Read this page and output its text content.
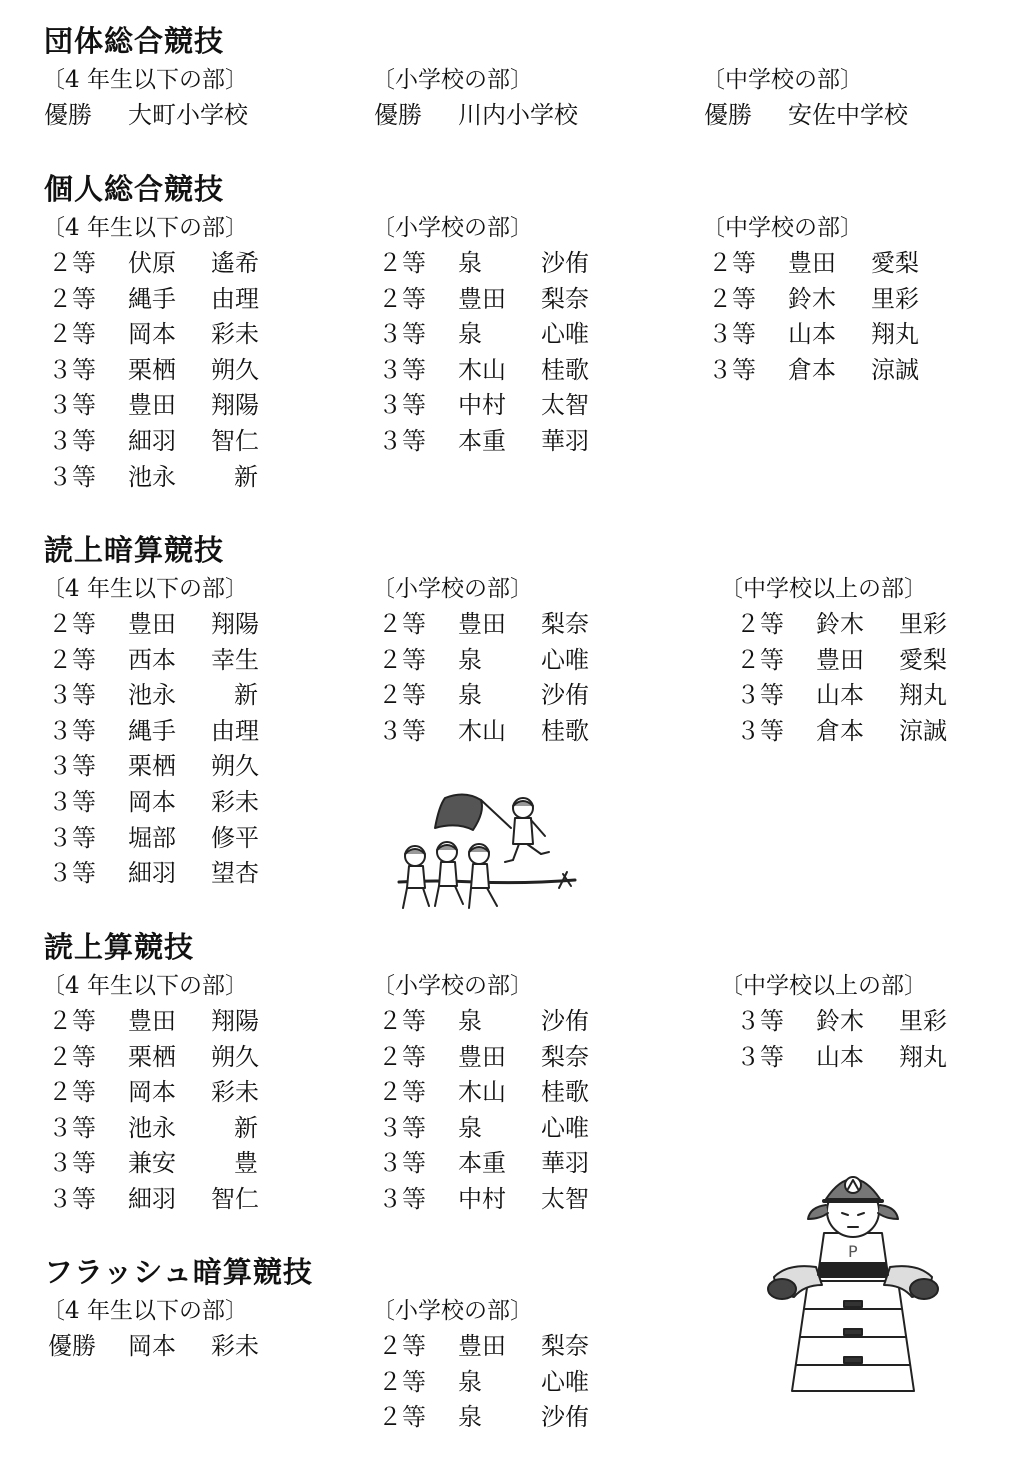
P
団体総合競技
〔4 年生以下の部〕
優勝 大町小学校
〔小学校の部〕
優勝 川内小学校
〔中学校の部〕
優勝 安佐中学校
個人総合競技
〔4 年生以下の部〕
２等 伏原 遙希
２等 縄手 由理
２等 岡本 彩未
３等 栗栖 朔久
３等 豊田 翔陽
３等 細羽 智仁
３等 池永 新
〔小学校の部〕
２等 泉 沙侑
２等 豊田 梨奈
３等 泉 心唯
３等 木山 桂歌
３等 中村 太智
３等 本重 華羽
〔中学校の部〕
２等 豊田 愛梨
２等 鈴木 里彩
３等 山本 翔丸
３等 倉本 涼誠
読上暗算競技
〔4 年生以下の部〕
２等 豊田 翔陽
２等 西本 幸生
３等 池永 新
３等 縄手 由理
３等 栗栖 朔久
３等 岡本 彩未
３等 堀部 修平
３等 細羽 望杏
〔小学校の部〕
２等 豊田 梨奈
２等 泉 心唯
２等 泉 沙侑
３等 木山 桂歌
〔中学校以上の部〕
２等 鈴木 里彩
２等 豊田 愛梨
３等 山本 翔丸
３等 倉本 涼誠
読上算競技
〔4 年生以下の部〕
２等 豊田 翔陽
２等 栗栖 朔久
２等 岡本 彩未
３等 池永 新
３等 兼安 豊
３等 細羽 智仁
〔小学校の部〕
２等 泉 沙侑
２等 豊田 梨奈
２等 木山 桂歌
３等 泉 心唯
３等 本重 華羽
３等 中村 太智
〔中学校以上の部〕
３等 鈴木 里彩
３等 山本 翔丸
フラッシュ暗算競技
〔4 年生以下の部〕
優勝 岡本 彩未
〔小学校の部〕
２等 豊田 梨奈
２等 泉 心唯
２等 泉 沙侑
